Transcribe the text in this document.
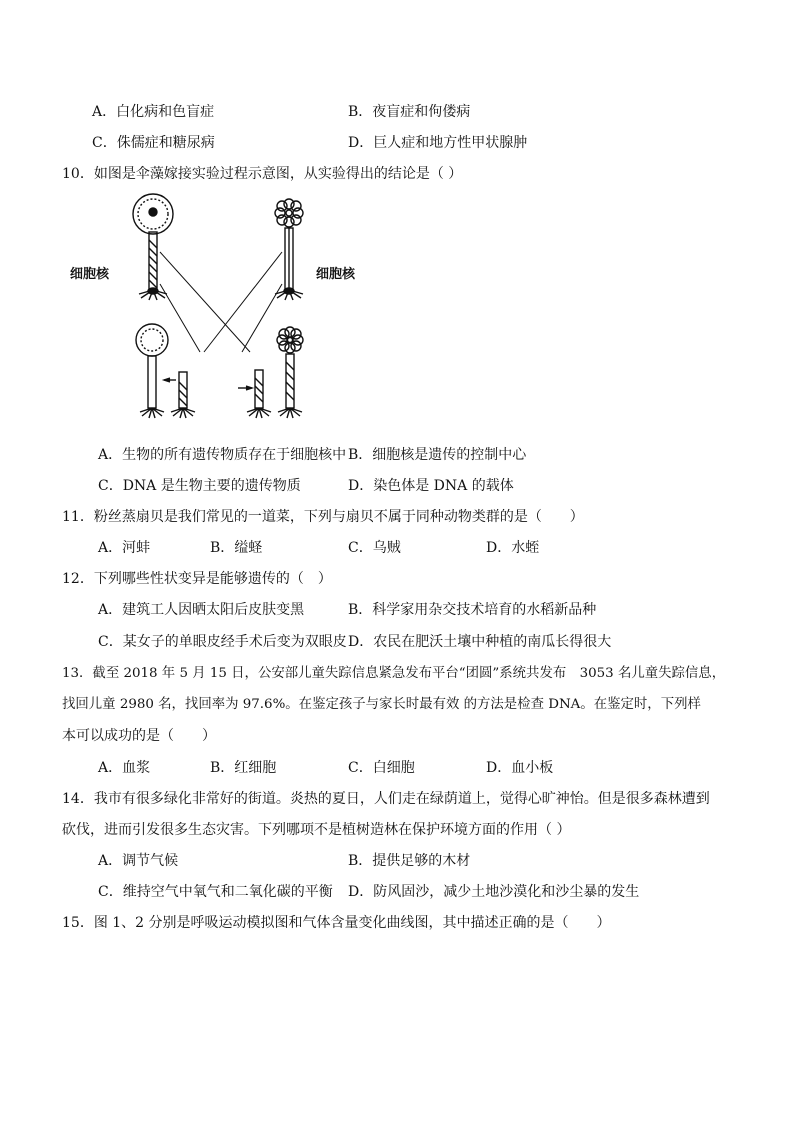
A．白化病和色盲症	B．夜盲症和佝偻病
C．侏儒症和糖尿病	D．巨人症和地方性甲状腺肿
10．如图是伞藻嫁接实验过程示意图，从实验得出的结论是（ ）
细胞核	细胞核
A．生物的所有遗传物质存在于细胞核中 B．细胞核是遗传的控制中心
C．DNA 是生物主要的遗传物质	D．染色体是 DNA 的载体
11．粉丝蒸扇贝是我们常见的一道菜，下列与扇贝不属于同种动物类群的是（　　）
A．河蚌	B．缢蛏	C．乌贼	D．水蛭
12．下列哪些性状变异是能够遗传的（　）
A．建筑工人因晒太阳后皮肤变黑	B．科学家用杂交技术培育的水稻新品种
C．某女子的单眼皮经手术后变为双眼皮 D．农民在肥沃土壤中种植的南瓜长得很大
13．截至 2018 年 5 月 15 日，公安部儿童失踪信息紧急发布平台“团圆”系统共发布　3053 名儿童失踪信息，
找回儿童 2980 名，找回率为 97.6%。在鉴定孩子与家长时最有效 的方法是检查 DNA。在鉴定时，下列样
本可以成功的是（　　）
A．血浆	B．红细胞	C．白细胞	D．血小板
14．我市有很多绿化非常好的街道。炎热的夏日，人们走在绿荫道上，觉得心旷神怡。但是很多森林遭到
砍伐，进而引发很多生态灾害。下列哪项不是植树造林在保护环境方面的作用（ ）
A．调节气候	B．提供足够的木材
C．维持空气中氧气和二氧化碳的平衡 D．防风固沙，减少土地沙漠化和沙尘暴的发生
15．图 1、2 分别是呼吸运动模拟图和气体含量变化曲线图，其中描述正确的是（　　）
